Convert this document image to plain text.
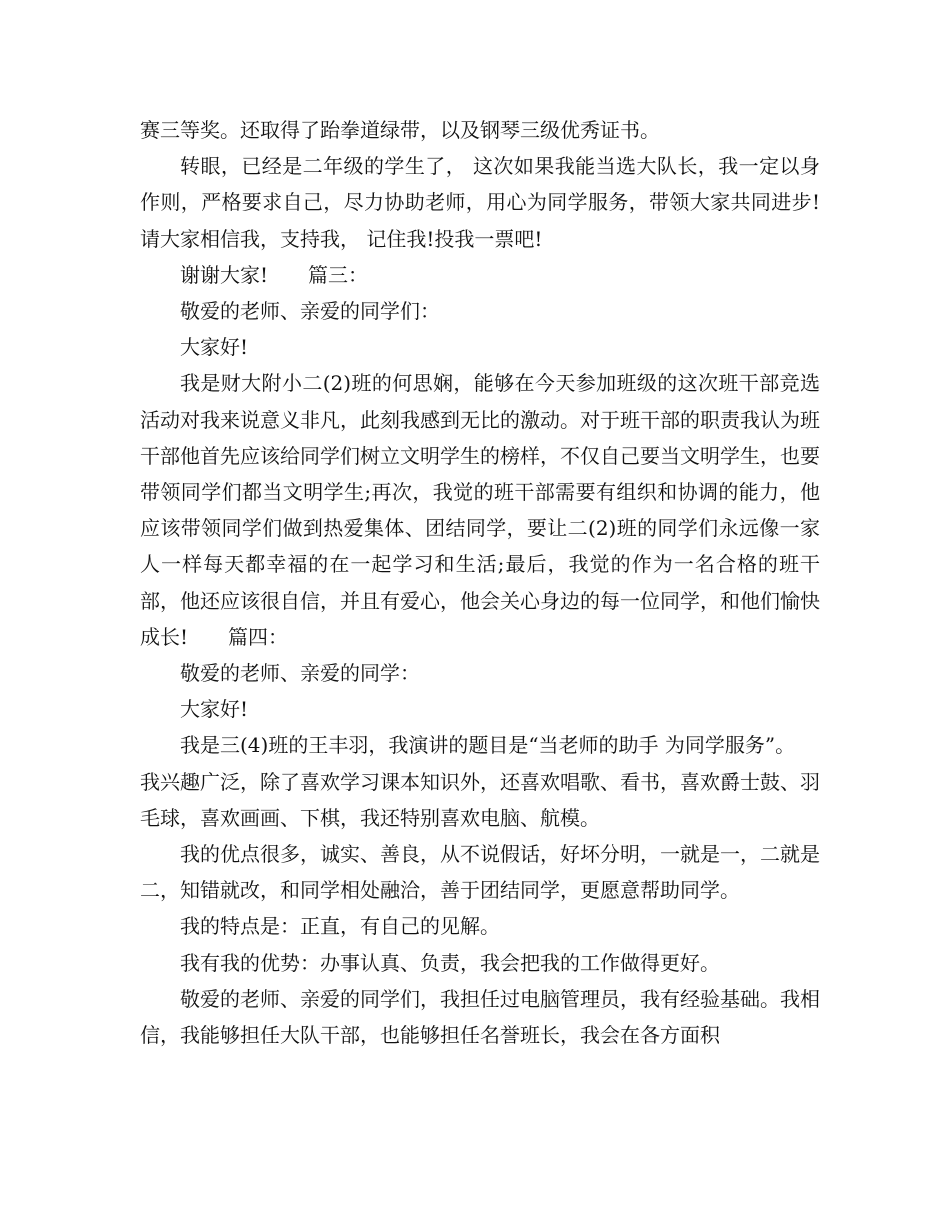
赛三等奖。还取得了跆拳道绿带，以及钢琴三级优秀证书。

转眼，已经是二年级的学生了， 这次如果我能当选大队长，我一定以身作则，严格要求自己，尽力协助老师，用心为同学服务，带领大家共同进步!请大家相信我，支持我， 记住我!投我一票吧!

谢谢大家!　　篇三：

敬爱的老师、亲爱的同学们：

大家好!

我是财大附小二(2)班的何思娴，能够在今天参加班级的这次班干部竞选活动对我来说意义非凡，此刻我感到无比的激动。对于班干部的职责我认为班干部他首先应该给同学们树立文明学生的榜样，不仅自己要当文明学生，也要带领同学们都当文明学生;再次，我觉的班干部需要有组织和协调的能力，他应该带领同学们做到热爱集体、团结同学，要让二(2)班的同学们永远像一家人一样每天都幸福的在一起学习和生活;最后，我觉的作为一名合格的班干部，他还应该很自信，并且有爱心，他会关心身边的每一位同学，和他们愉快成长!　　篇四：

敬爱的老师、亲爱的同学：

大家好!

我是三(4)班的王丰羽，我演讲的题目是“当老师的助手 为同学服务”。

我兴趣广泛，除了喜欢学习课本知识外，还喜欢唱歌、看书，喜欢爵士鼓、羽毛球，喜欢画画、下棋，我还特别喜欢电脑、航模。

我的优点很多，诚实、善良，从不说假话，好坏分明，一就是一，二就是二，知错就改，和同学相处融洽，善于团结同学，更愿意帮助同学。

我的特点是：正直，有自己的见解。

我有我的优势：办事认真、负责，我会把我的工作做得更好。

敬爱的老师、亲爱的同学们，我担任过电脑管理员，我有经验基础。我相信，我能够担任大队干部，也能够担任名誉班长，我会在各方面积
